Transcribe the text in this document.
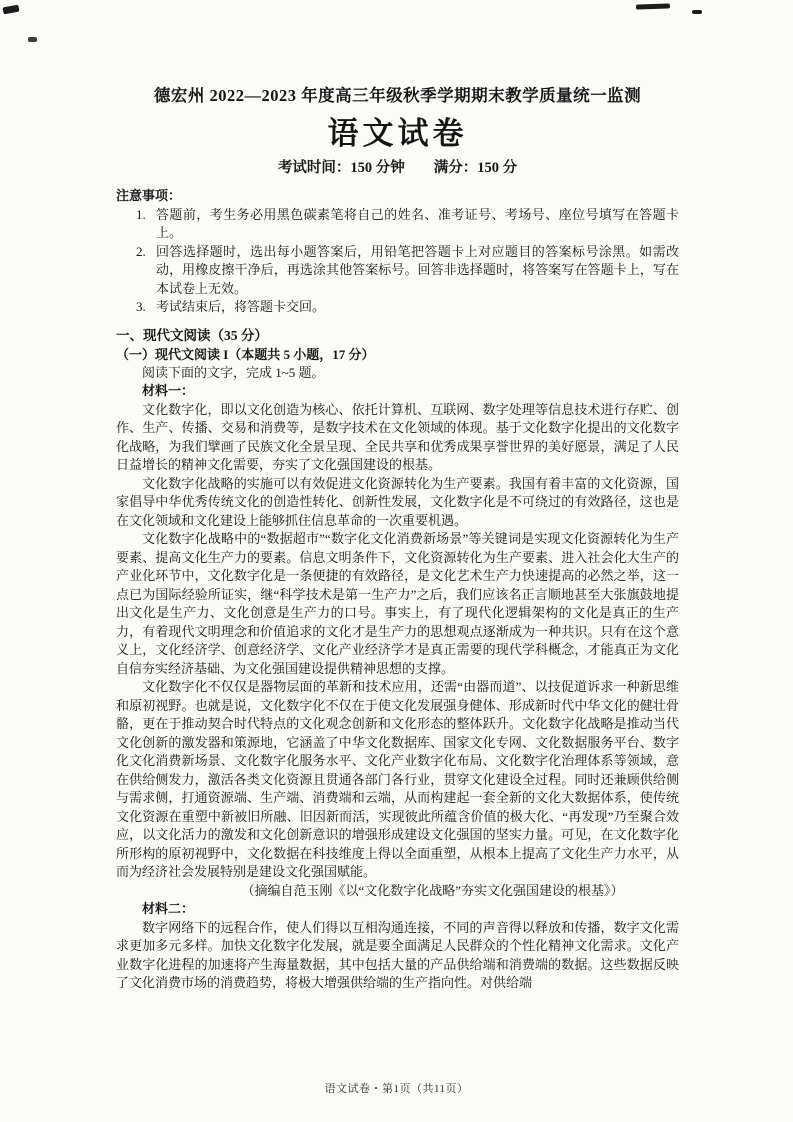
德宏州 2022—2023 年度高三年级秋季学期期末教学质量统一监测
语文试卷
考试时间：150 分钟　　满分：150 分
注意事项：
1. 答题前，考生务必用黑色碳素笔将自己的姓名、准考证号、考场号、座位号填写在答题卡上。
2. 回答选择题时，选出每小题答案后，用铅笔把答题卡上对应题目的答案标号涂黑。如需改动，用橡皮擦干净后，再选涂其他答案标号。回答非选择题时，将答案写在答题卡上，写在本试卷上无效。
3. 考试结束后，将答题卡交回。
一、现代文阅读（35 分）
（一）现代文阅读 I（本题共 5 小题，17 分）

阅读下面的文字，完成 1~5 题。

材料一：

文化数字化，即以文化创造为核心、依托计算机、互联网、数字处理等信息技术进行存贮、创作、生产、传播、交易和消费等，是数字技术在文化领域的体现。基于文化数字化提出的文化数字化战略，为我们擘画了民族文化全景呈现、全民共享和优秀成果享誉世界的美好愿景，满足了人民日益增长的精神文化需要，夯实了文化强国建设的根基。

文化数字化战略的实施可以有效促进文化资源转化为生产要素。我国有着丰富的文化资源，国家倡导中华优秀传统文化的创造性转化、创新性发展，文化数字化是不可绕过的有效路径，这也是在文化领域和文化建设上能够抓住信息革命的一次重要机遇。

文化数字化战略中的“数据超市”“数字化文化消费新场景”等关键词是实现文化资源转化为生产要素、提高文化生产力的要素。信息文明条件下，文化资源转化为生产要素、进入社会化大生产的产业化环节中，文化数字化是一条便捷的有效路径，是文化艺术生产力快速提高的必然之举，这一点已为国际经验所证实，继“科学技术是第一生产力”之后，我们应该名正言顺地甚至大张旗鼓地提出文化是生产力、文化创意是生产力的口号。事实上，有了现代化逻辑架构的文化是真正的生产力，有着现代文明理念和价值追求的文化才是生产力的思想观点逐渐成为一种共识。只有在这个意义上，文化经济学、创意经济学、文化产业经济学才是真正需要的现代学科概念，才能真正为文化自信夯实经济基础、为文化强国建设提供精神思想的支撑。

文化数字化不仅仅是器物层面的革新和技术应用，还需“由器而道”、以技促道诉求一种新思维和原初视野。也就是说，文化数字化不仅在于使文化发展强身健体、形成新时代中华文化的健壮骨骼，更在于推动契合时代特点的文化观念创新和文化形态的整体跃升。文化数字化战略是推动当代文化创新的激发器和策源地，它涵盖了中华文化数据库、国家文化专网、文化数据服务平台、数字化文化消费新场景、文化数字化服务水平、文化产业数字化布局、文化数字化治理体系等领域，意在供给侧发力，激活各类文化资源且贯通各部门各行业，贯穿文化建设全过程。同时还兼顾供给侧与需求侧，打通资源端、生产端、消费端和云端，从而构建起一套全新的文化大数据体系，使传统文化资源在重塑中新被旧所融、旧因新而活，实现彼此所蕴含价值的极大化、“再发现”乃至聚合效应，以文化活力的激发和文化创新意识的增强形成建设文化强国的坚实力量。可见，在文化数字化所形构的原初视野中，文化数据在科技维度上得以全面重塑，从根本上提高了文化生产力水平，从而为经济社会发展特别是建设文化强国赋能。

（摘编自范玉刚《以“文化数字化战略”夯实文化强国建设的根基》）

材料二：

数字网络下的远程合作，使人们得以互相沟通连接，不同的声音得以释放和传播，数字文化需求更加多元多样。加快文化数字化发展，就是要全面满足人民群众的个性化精神文化需求。文化产业数字化进程的加速将产生海量数据，其中包括大量的产品供给端和消费端的数据。这些数据反映了文化消费市场的消费趋势，将极大增强供给端的生产指向性。对供给端

语文试卷・第1页（共11页）
